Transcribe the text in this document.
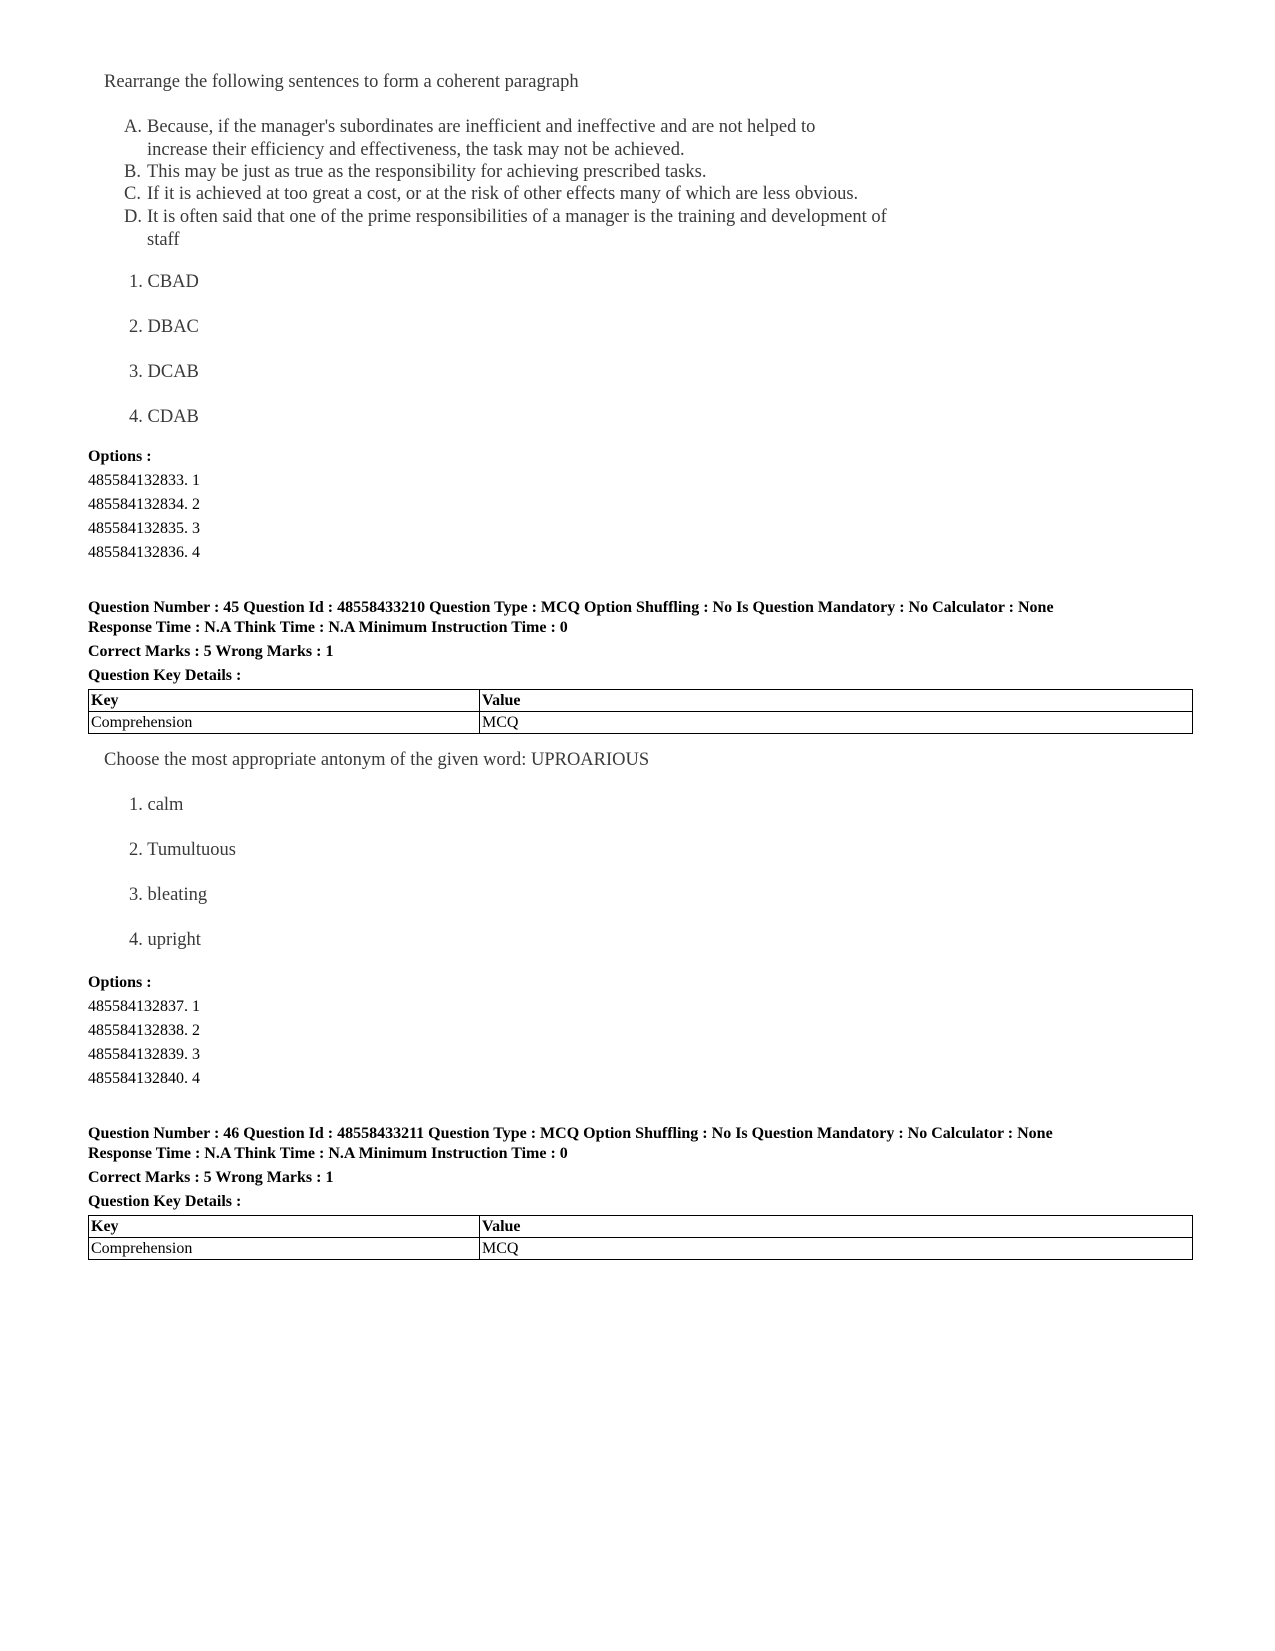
Rearrange the following sentences to form a coherent paragraph
A. Because, if the manager's subordinates are inefficient and ineffective and are not helped to
increase their efficiency and effectiveness, the task may not be achieved.
B. This may be just as true as the responsibility for achieving prescribed tasks.
C. If it is achieved at too great a cost, or at the risk of other effects many of which are less obvious.
D. It is often said that one of the prime responsibilities of a manager is the training and development of
staff
1. CBAD
2. DBAC
3. DCAB
4. CDAB
Options :
485584132833. 1
485584132834. 2
485584132835. 3
485584132836. 4
Question Number : 45 Question Id : 48558433210 Question Type : MCQ Option Shuffling : No Is Question Mandatory : No Calculator : None
Response Time : N.A Think Time : N.A Minimum Instruction Time : 0
Correct Marks : 5 Wrong Marks : 1
Question Key Details :
Key	Value
Comprehension	MCQ
Choose the most appropriate antonym of the given word: UPROARIOUS
1. calm
2. Tumultuous
3. bleating
4. upright
Options :
485584132837. 1
485584132838. 2
485584132839. 3
485584132840. 4
Question Number : 46 Question Id : 48558433211 Question Type : MCQ Option Shuffling : No Is Question Mandatory : No Calculator : None
Response Time : N.A Think Time : N.A Minimum Instruction Time : 0
Correct Marks : 5 Wrong Marks : 1
Question Key Details :
Key	Value
Comprehension	MCQ
